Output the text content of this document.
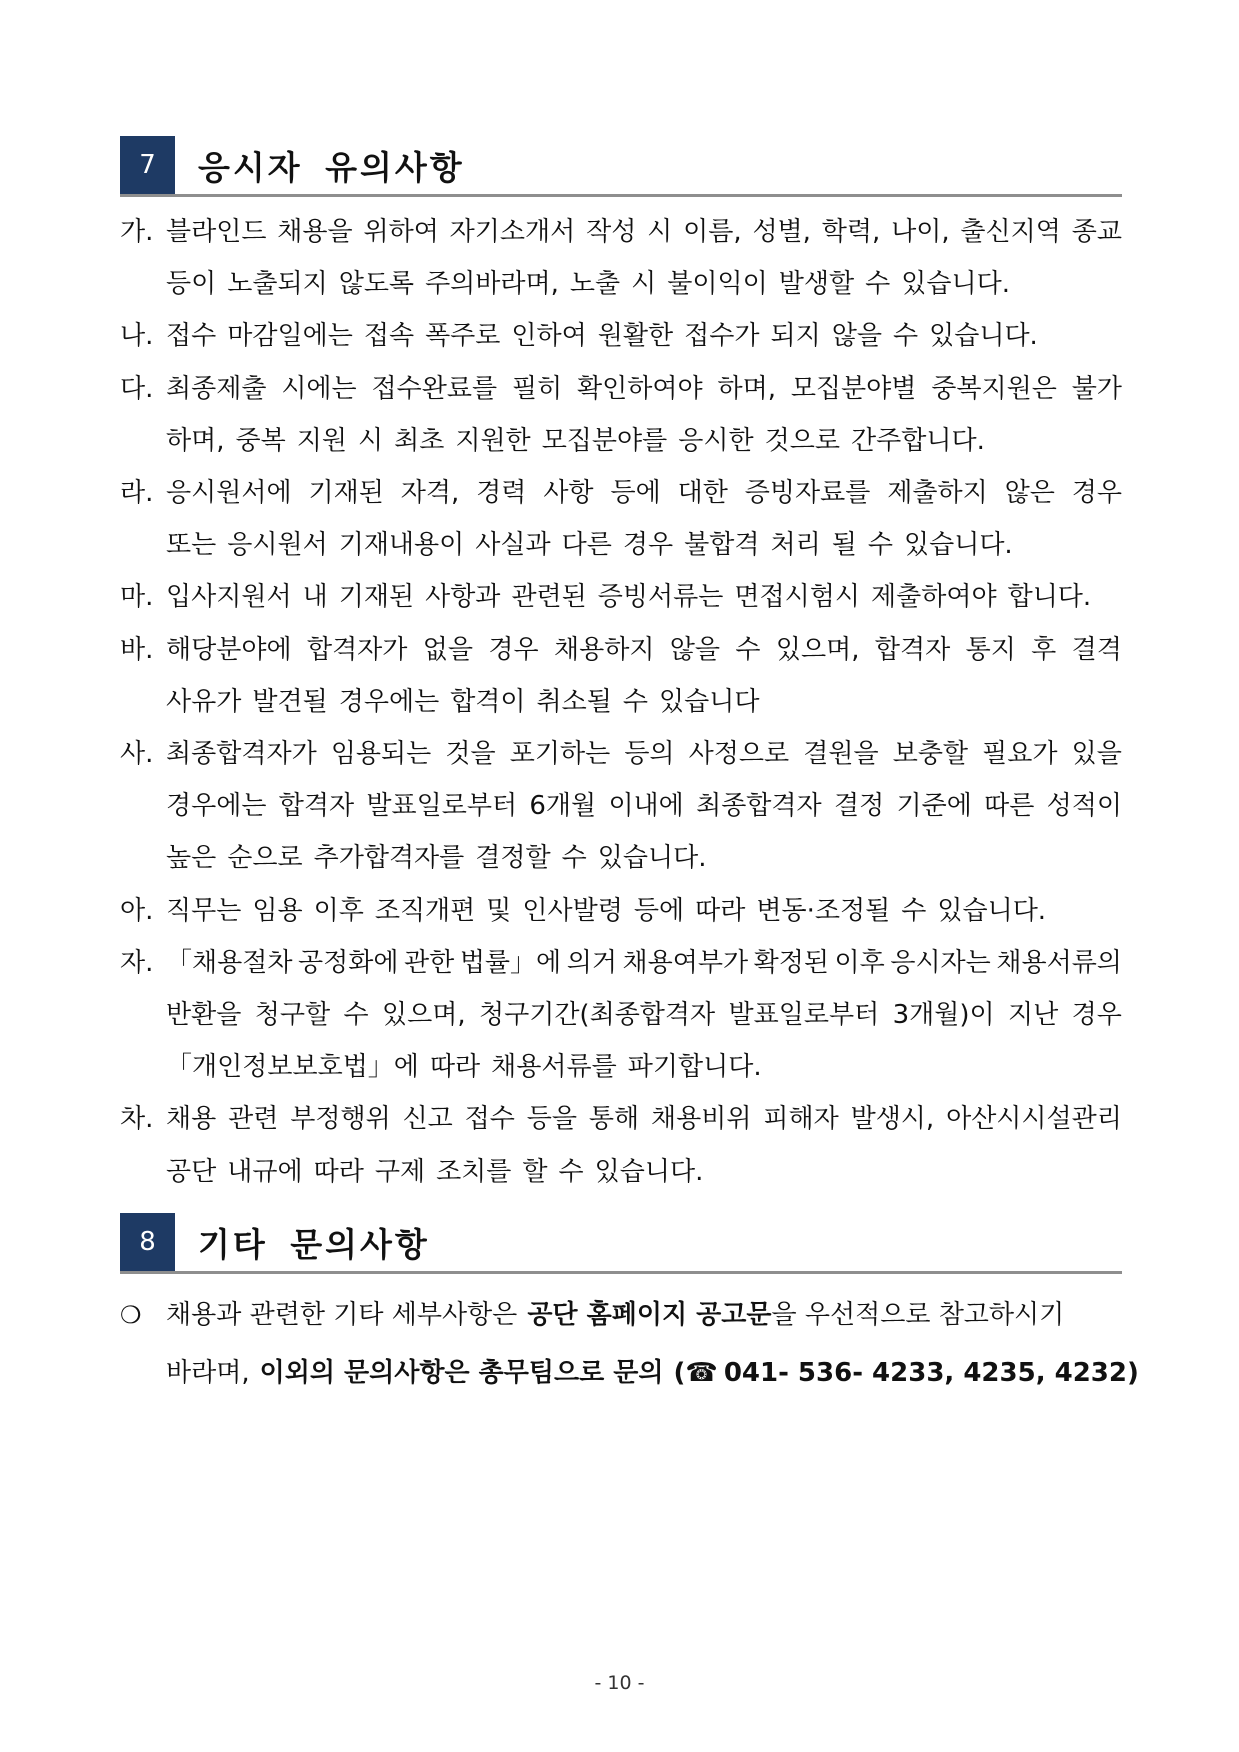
7	응시자 유의사항
가. 블라인드 채용을 위하여 자기소개서 작성 시 이름, 성별, 학력, 나이, 출신지역 종교
등이 노출되지 않도록 주의바라며, 노출 시 불이익이 발생할 수 있습니다.
나. 접수 마감일에는 접속 폭주로 인하여 원활한 접수가 되지 않을 수 있습니다.
다. 최종제출 시에는 접수완료를 필히 확인하여야 하며, 모집분야별 중복지원은 불가
하며, 중복 지원 시 최초 지원한 모집분야를 응시한 것으로 간주합니다.
라. 응시원서에 기재된 자격, 경력 사항 등에 대한 증빙자료를 제출하지 않은 경우
또는 응시원서 기재내용이 사실과 다른 경우 불합격 처리 될 수 있습니다.
마. 입사지원서 내 기재된 사항과 관련된 증빙서류는 면접시험시 제출하여야 합니다.
바. 해당분야에 합격자가 없을 경우 채용하지 않을 수 있으며, 합격자 통지 후 결격
사유가 발견될 경우에는 합격이 취소될 수 있습니다
사. 최종합격자가 임용되는 것을 포기하는 등의 사정으로 결원을 보충할 필요가 있을
경우에는 합격자 발표일로부터 6개월 이내에 최종합격자 결정 기준에 따른 성적이
높은 순으로 추가합격자를 결정할 수 있습니다.
아. 직무는 임용 이후 조직개편 및 인사발령 등에 따라 변동·조정될 수 있습니다.
자. 「채용절차 공정화에 관한 법률」에 의거 채용여부가 확정된 이후 응시자는 채용서류의
반환을 청구할 수 있으며, 청구기간(최종합격자 발표일로부터 3개월)이 지난 경우
「개인정보보호법」에 따라 채용서류를 파기합니다.
차. 채용 관련 부정행위 신고 접수 등을 통해 채용비위 피해자 발생시, 아산시시설관리
공단 내규에 따라 구제 조치를 할 수 있습니다.
8	기타 문의사항
❍ 채용과 관련한 기타 세부사항은 공단 홈페이지 공고문 을 우선적으로 참고하시기
바라며, 이외의 문의사항은 총무팀으로 문의 ( ☎ 041- 536- 4233, 4235, 4232)
- 10 -
